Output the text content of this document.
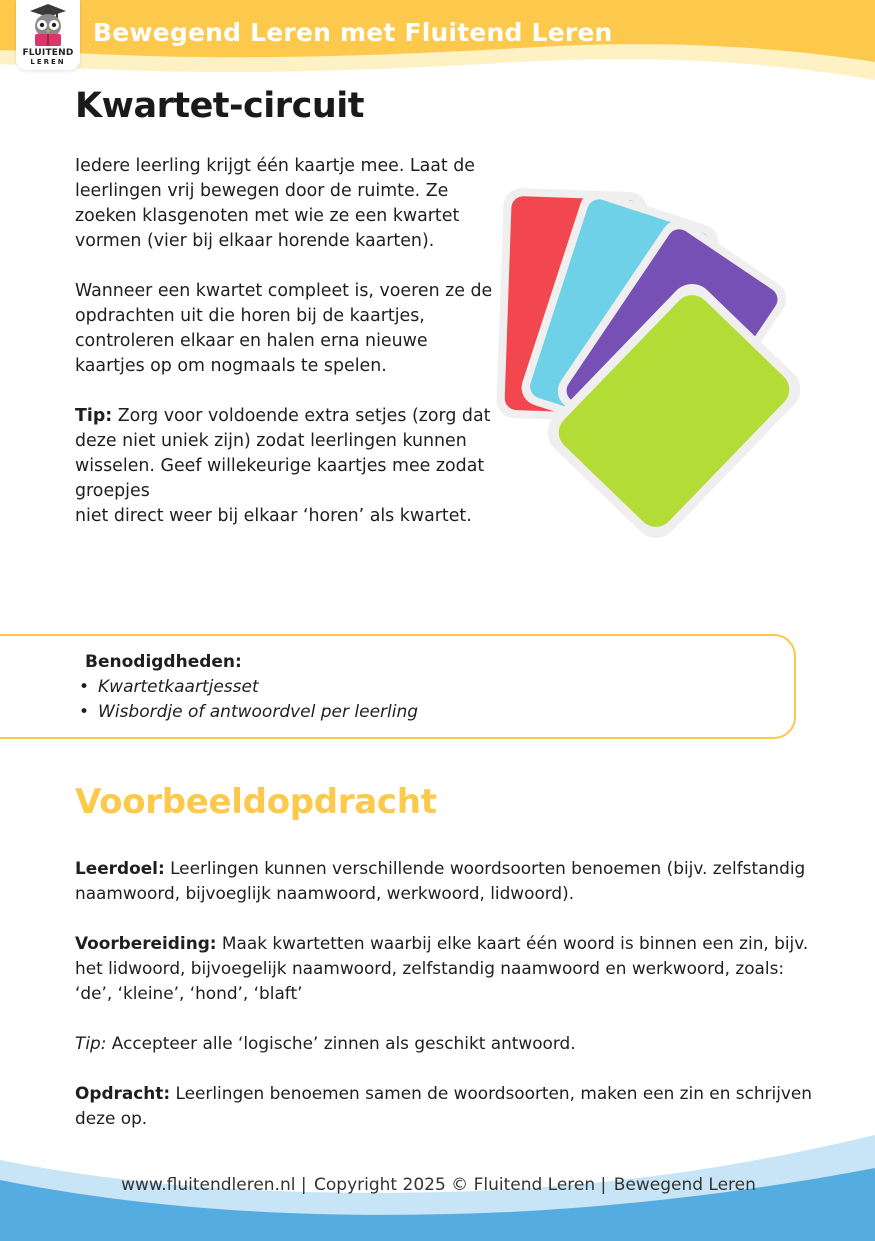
FLUITEND
LEREN
Bewegend Leren met Fluitend Leren
Kwartet-circuit

Iedere leerling krijgt één kaartje mee. Laat de leerlingen vrij bewegen door de ruimte. Ze zoeken klasgenoten met wie ze een kwartet vormen (vier bij elkaar horende kaarten).

Wanneer een kwartet compleet is, voeren ze de opdrachten uit die horen bij de kaartjes, controleren elkaar en halen erna nieuwe kaartjes op om nogmaals te spelen.

Tip: Zorg voor voldoende extra setjes (zorg dat deze niet uniek zijn) zodat leerlingen kunnen wisselen. Geef willekeurige kaartjes mee zodat groepjes

niet direct weer bij elkaar ‘horen’ als kwartet.

Benodigdheden:
• Kwartetkaartjesset
• Wisbordje of antwoordvel per leerling
Voorbeeldopdracht

Leerdoel: Leerlingen kunnen verschillende woordsoorten benoemen (bijv. zelfstandig naamwoord, bijvoeglijk naamwoord, werkwoord, lidwoord).

Voorbereiding: Maak kwartetten waarbij elke kaart één woord is binnen een zin, bijv. het lidwoord, bijvoegelijk naamwoord, zelfstandig naamwoord en werkwoord, zoals: ‘de’, ‘kleine’, ‘hond’, ‘blaft’

Tip: Accepteer alle ‘logische’ zinnen als geschikt antwoord.

Opdracht: Leerlingen benoemen samen de woordsoorten, maken een zin en schrijven deze op.

www.fluitendleren.nl | Copyright 2025 © Fluitend Leren | Bewegend Leren
